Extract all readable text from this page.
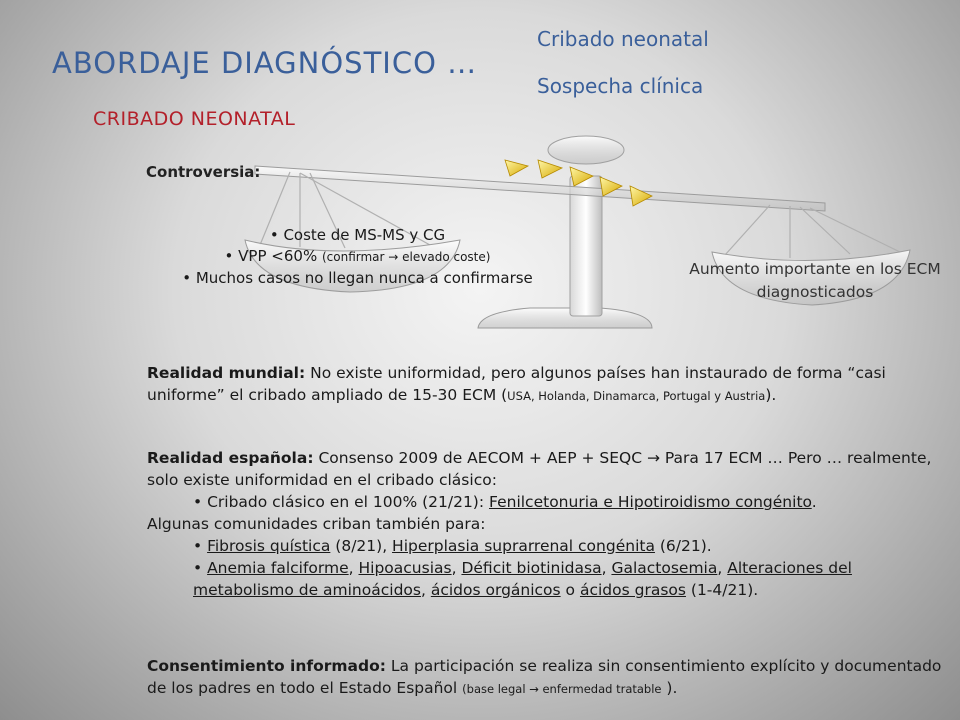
ABORDAJE DIAGNÓSTICO …
Cribado neonatal
Sospecha clínica
CRIBADO NEONATAL
Controversia:
• Coste de MS-MS y CG
• VPP <60% (confirmar → elevado coste)
• Muchos casos no llegan nunca a confirmarse	Aumento importante en los ECM diagnosticados
Realidad mundial: No existe uniformidad, pero algunos países han instaurado de forma “casi uniforme” el cribado ampliado de 15-30 ECM (USA, Holanda, Dinamarca, Portugal y Austria).
Realidad española: Consenso 2009 de AECOM + AEP + SEQC → Para 17 ECM … Pero … realmente, solo existe uniformidad en el cribado clásico:
• Cribado clásico en el 100% (21/21): Fenilcetonuria e Hipotiroidismo congénito.
Algunas comunidades criban también para:
• Fibrosis quística (8/21), Hiperplasia suprarrenal congénita (6/21).
• Anemia falciforme, Hipoacusias, Déficit biotinidasa, Galactosemia, Alteraciones del metabolismo de aminoácidos, ácidos orgánicos o ácidos grasos (1-4/21).
Consentimiento informado: La participación se realiza sin consentimiento explícito y documentado de los padres en todo el Estado Español (base legal → enfermedad tratable ).
